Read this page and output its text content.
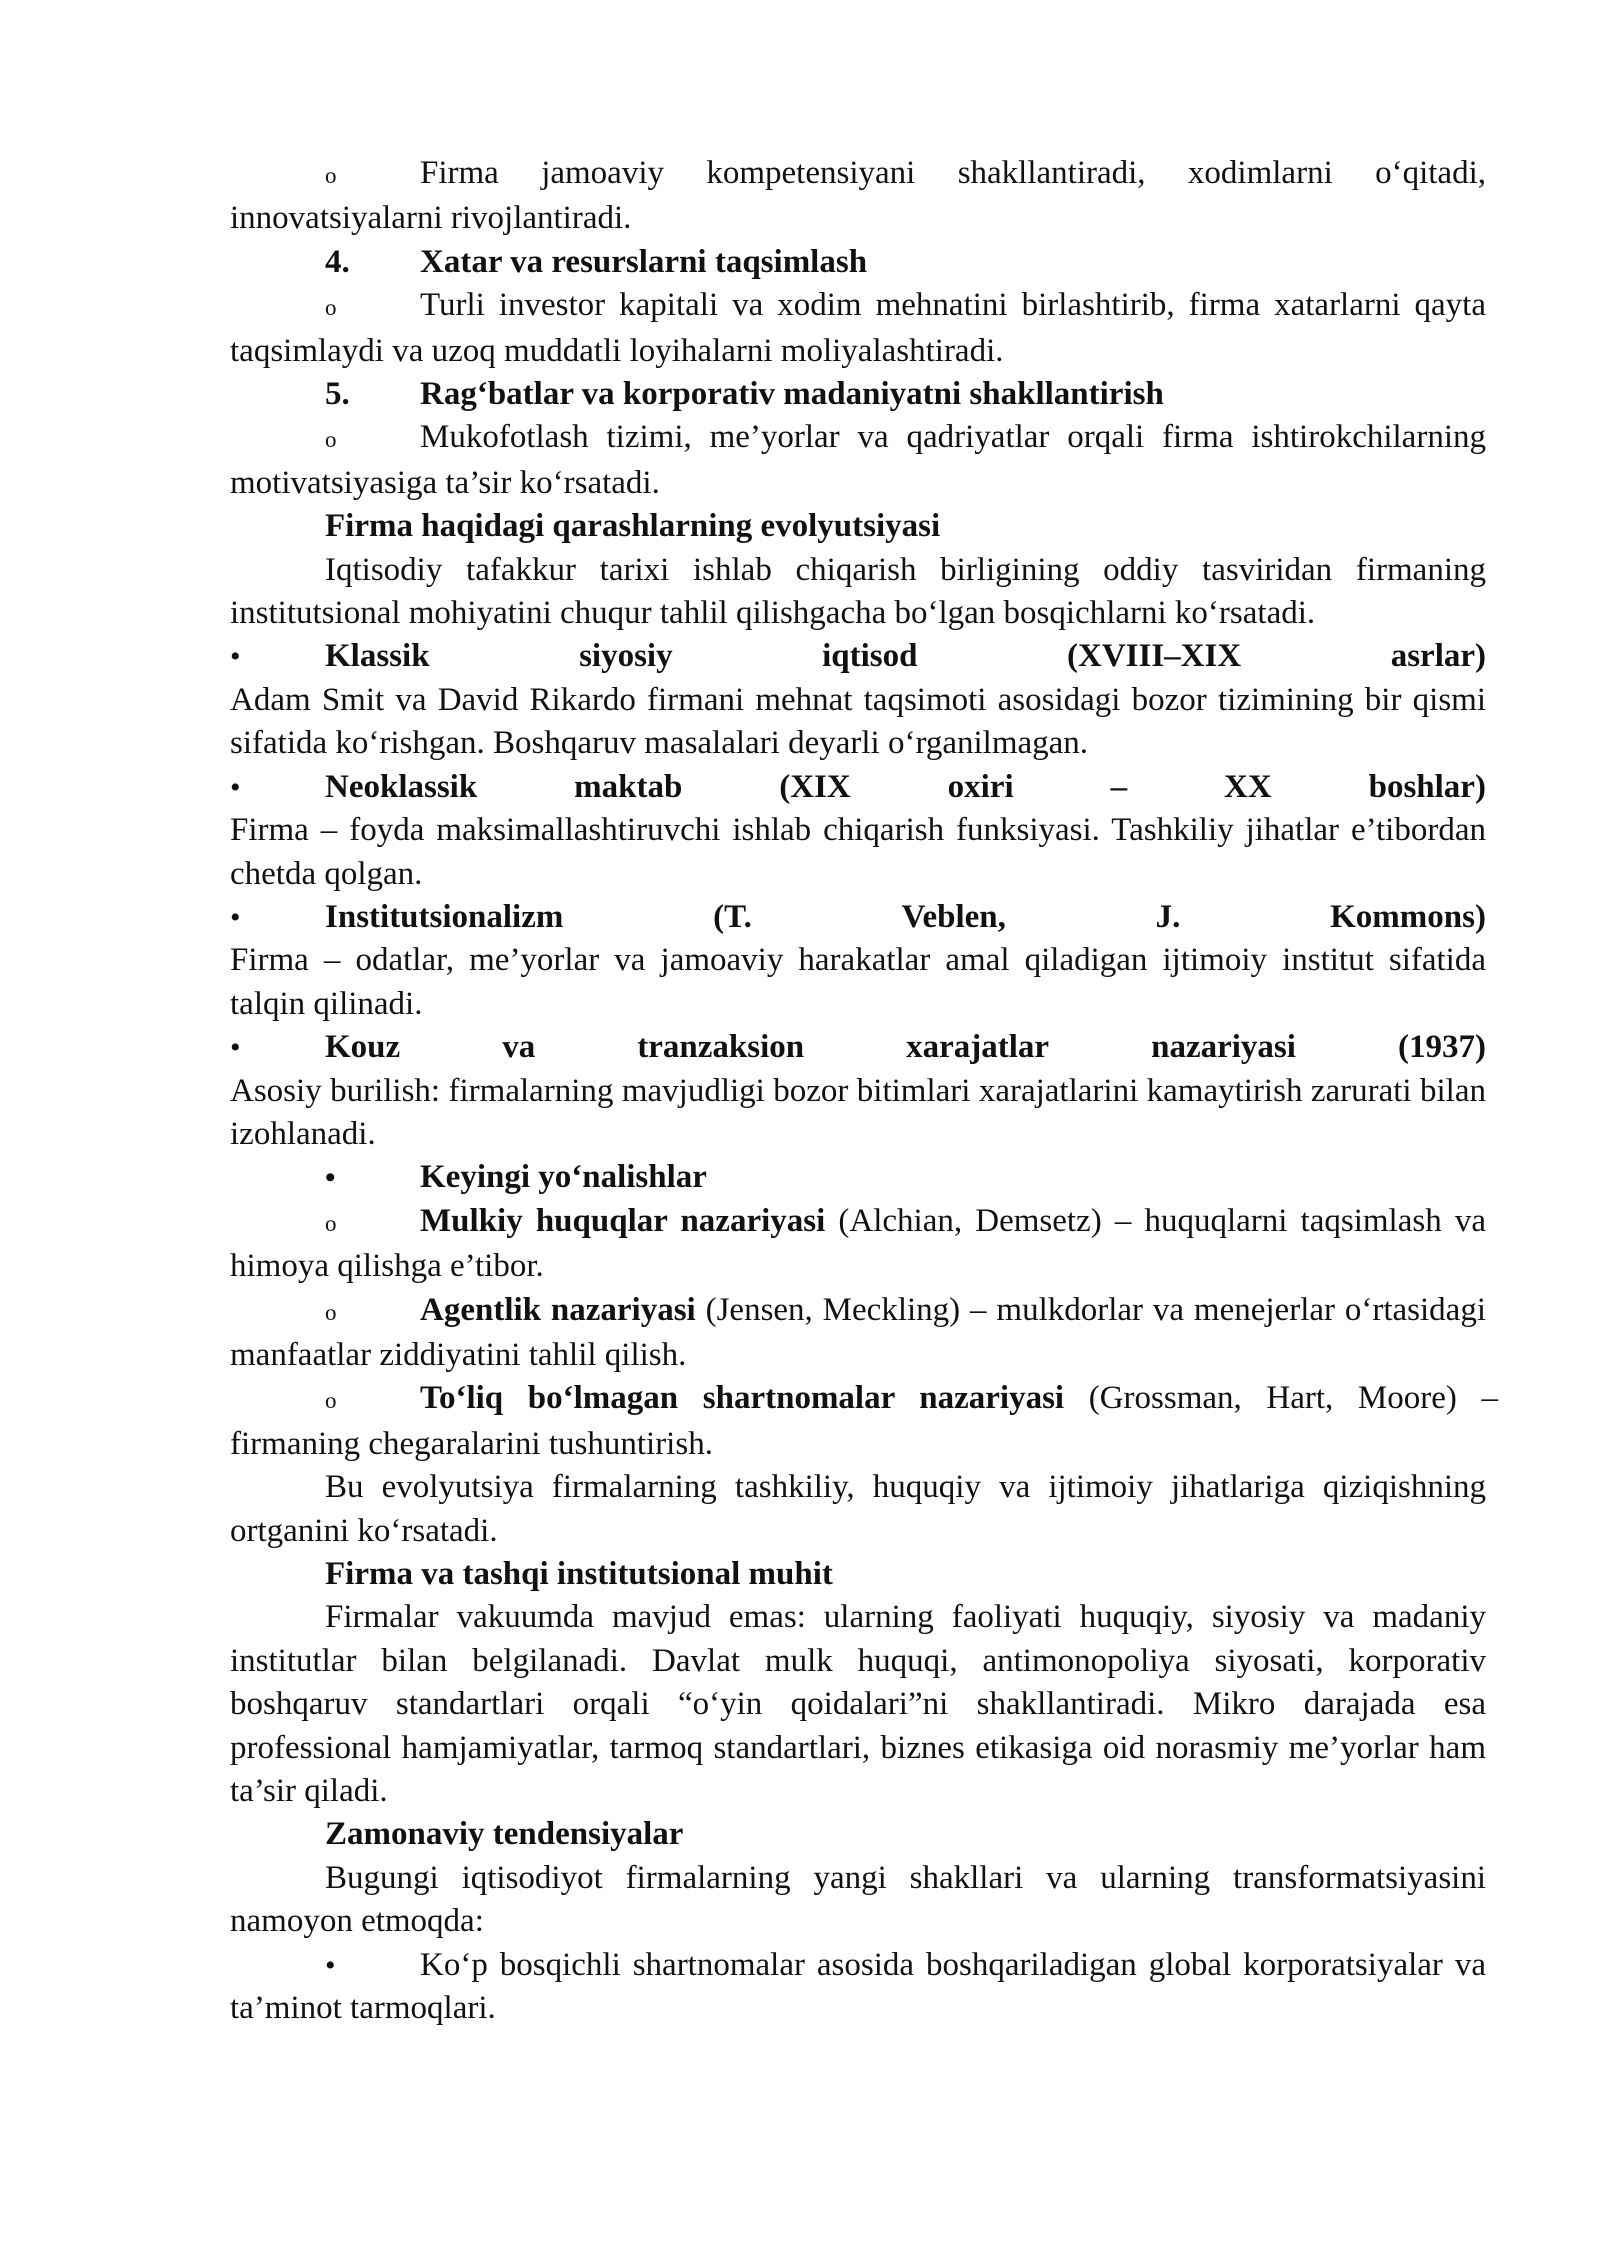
o	Firma jamoaviy kompetensiyani shakllantiradi, xodimlarni o‘qitadi, innovatsiyalarni rivojlantiradi.

4. Xatar va resurslarni taqsimlash

o	Turli investor kapitali va xodim mehnatini birlashtirib, firma xatarlarni qayta taqsimlaydi va uzoq muddatli loyihalarni moliyalashtiradi.

5. Rag‘batlar va korporativ madaniyatni shakllantirish

o	Mukofotlash tizimi, me’yorlar va qadriyatlar orqali firma ishtirokchilarning motivatsiyasiga ta’sir ko‘rsatadi.

Firma haqidagi qarashlarning evolyutsiyasi

Iqtisodiy tafakkur tarixi ishlab chiqarish birligining oddiy tasviridan firmaning institutsional mohiyatini chuqur tahlil qilishgacha bo‘lgan bosqichlarni ko‘rsatadi.

•	Klassik	siyosiy	iqtisod	(XVIII–XIX	asrlar)

Adam Smit va David Rikardo firmani mehnat taqsimoti asosidagi bozor tizimining bir qismi sifatida ko‘rishgan. Boshqaruv masalalari deyarli o‘rganilmagan.

•	Neoklassik	maktab	(XIX	oxiri	–	XX	boshlar)

Firma – foyda maksimallashtiruvchi ishlab chiqarish funksiyasi. Tashkiliy jihatlar e’tibordan chetda qolgan.

•	Institutsionalizm	(T.	Veblen,	J.	Kommons)

Firma – odatlar, me’yorlar va jamoaviy harakatlar amal qiladigan ijtimoiy institut sifatida talqin qilinadi.

•	Kouz	va	tranzaksion	xarajatlar	nazariyasi	(1937)

Asosiy burilish: firmalarning mavjudligi bozor bitimlari xarajatlarini kamaytirish zarurati bilan izohlanadi.

•	Keyingi yo‘nalishlar

o	Mulkiy huquqlar nazariyasi (Alchian, Demsetz) – huquqlarni taqsimlash va himoya qilishga e’tibor.

o	Agentlik nazariyasi (Jensen, Meckling) – mulkdorlar va menejerlar o‘rtasidagi manfaatlar ziddiyatini tahlil qilish.

o	To‘liq bo‘lmagan shartnomalar nazariyasi (Grossman, Hart, Moore) – firmaning chegaralarini tushuntirish.

Bu evolyutsiya firmalarning tashkiliy, huquqiy va ijtimoiy jihatlariga qiziqishning ortganini ko‘rsatadi.

Firma va tashqi institutsional muhit

Firmalar vakuumda mavjud emas: ularning faoliyati huquqiy, siyosiy va madaniy institutlar bilan belgilanadi. Davlat mulk huquqi, antimonopoliya siyosati, korporativ boshqaruv standartlari orqali “o‘yin qoidalari”ni shakllantiradi. Mikro darajada esa professional hamjamiyatlar, tarmoq standartlari, biznes etikasiga oid norasmiy me’yorlar ham ta’sir qiladi.

Zamonaviy tendensiyalar

Bugungi iqtisodiyot firmalarning yangi shakllari va ularning transformatsiyasini namoyon etmoqda:

•	Ko‘p bosqichli shartnomalar asosida boshqariladigan global korporatsiyalar va ta’minot tarmoqlari.
